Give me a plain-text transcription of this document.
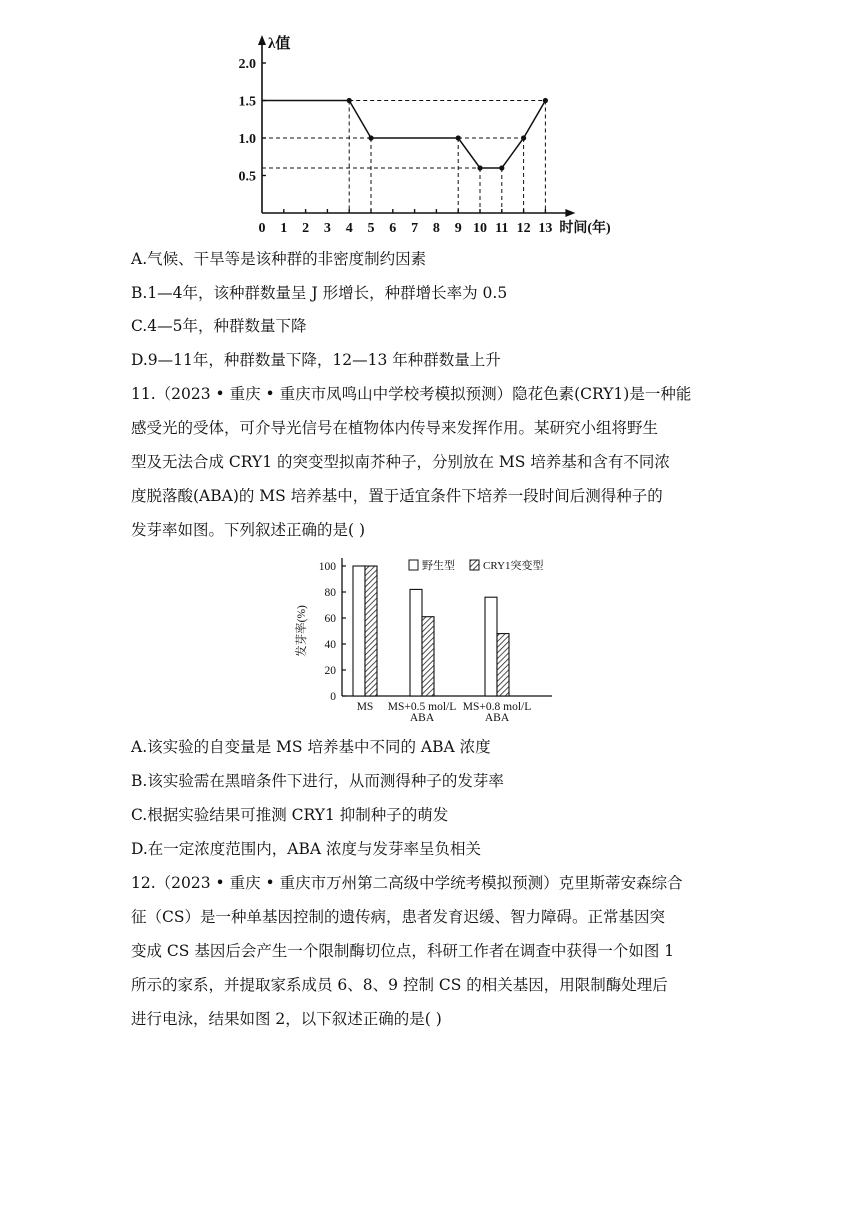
λ值
0.5
1.0
1.5
2.0
0 1 2 3 4 5 6 7 8 9 10 11 12 13 时间(年)
A.气候、干旱等是该种群的非密度制约因素
B.1—4年，该种群数量呈 J 形增长，种群增长率为 0.5
C.4—5年，种群数量下降
D.9—11年，种群数量下降，12—13 年种群数量上升
11.（2023 • 重庆 • 重庆市凤鸣山中学校考模拟预测）隐花色素(CRY1)是一种能
感受光的受体，可介导光信号在植物体内传导来发挥作用。某研究小组将野生
型及无法合成 CRY1 的突变型拟南芥种子，分别放在 MS 培养基和含有不同浓
度脱落酸(ABA)的 MS 培养基中，置于适宜条件下培养一段时间后测得种子的
发芽率如图。下列叙述正确的是( )
0
20
40
60
80
100
发芽率(%)
MS MS+0.5 mol/L
ABA
MS+0.8 mol/L
ABA
野生型	CRY1突变型
A.该实验的自变量是 MS 培养基中不同的 ABA 浓度
B.该实验需在黑暗条件下进行，从而测得种子的发芽率
C.根据实验结果可推测 CRY1 抑制种子的萌发
D.在一定浓度范围内，ABA 浓度与发芽率呈负相关
12.（2023 • 重庆 • 重庆市万州第二高级中学统考模拟预测）克里斯蒂安森综合
征（CS）是一种单基因控制的遗传病，患者发育迟缓、智力障碍。正常基因突
变成 CS 基因后会产生一个限制酶切位点，科研工作者在调查中获得一个如图 1
所示的家系，并提取家系成员 6、8、9 控制 CS 的相关基因，用限制酶处理后
进行电泳，结果如图 2，以下叙述正确的是( )
